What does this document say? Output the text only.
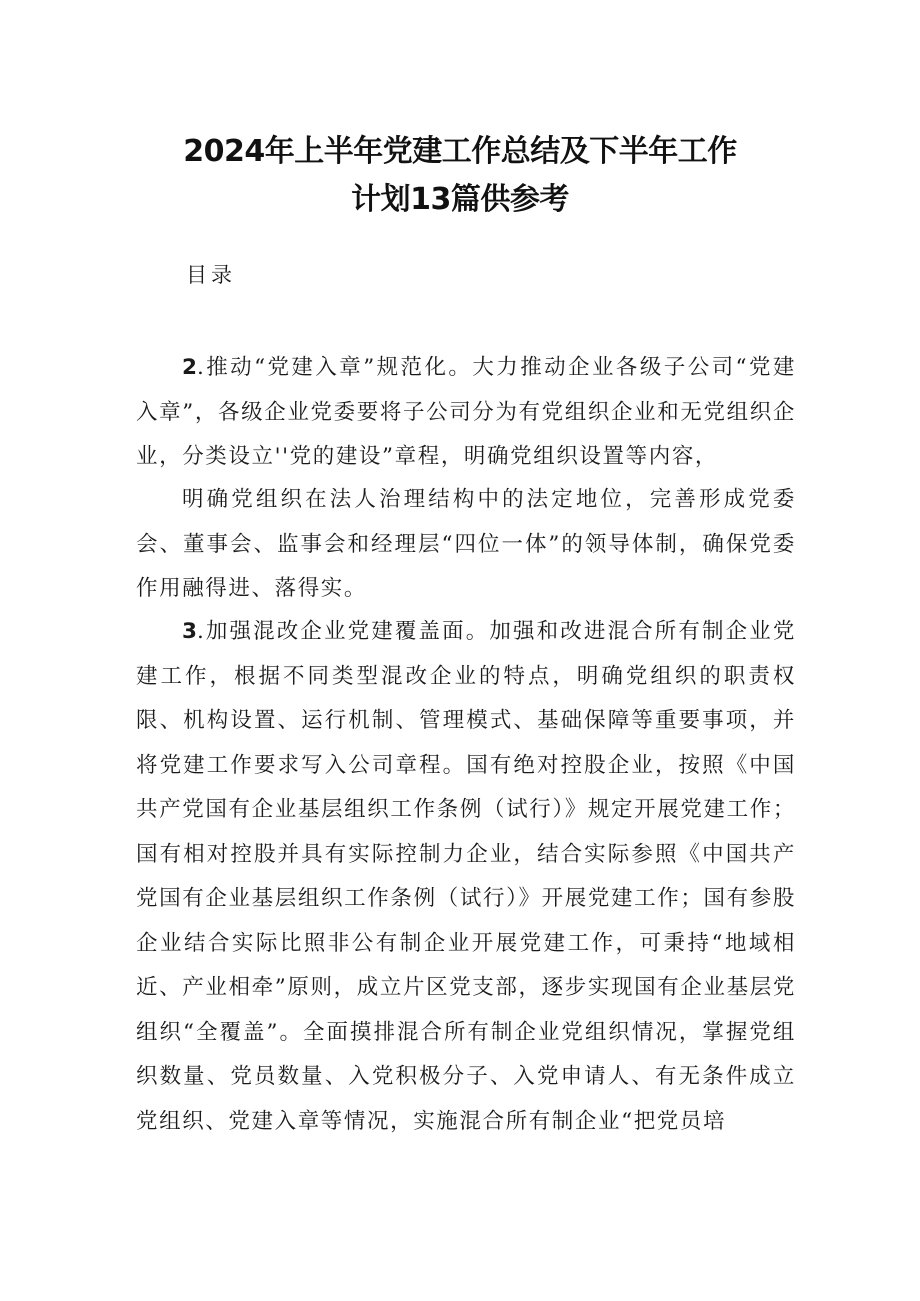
2024年上半年党建工作总结及下半年工作
计划13篇供参考
目录

2.推动“党建入章”规范化。大力推动企业各级子公司“党建入章”，各级企业党委要将子公司分为有党组织企业和无党组织企业，分类设立''党的建设”章程，明确党组织设置等内容，

明确党组织在法人治理结构中的法定地位，完善形成党委会、董事会、监事会和经理层“四位一体”的领导体制，确保党委作用融得进、落得实。

3.加强混改企业党建覆盖面。加强和改进混合所有制企业党建工作，根据不同类型混改企业的特点，明确党组织的职责权限、机构设置、运行机制、管理模式、基础保障等重要事项，并将党建工作要求写入公司章程。国有绝对控股企业，按照《中国共产党国有企业基层组织工作条例（试行）》规定开展党建工作；国有相对控股并具有实际控制力企业，结合实际参照《中国共产党国有企业基层组织工作条例（试行）》开展党建工作；国有参股企业结合实际比照非公有制企业开展党建工作，可秉持“地域相近、产业相牵”原则，成立片区党支部，逐步实现国有企业基层党组织“全覆盖”。全面摸排混合所有制企业党组织情况，掌握党组织数量、党员数量、入党积极分子、入党申请人、有无条件成立党组织、党建入章等情况，实施混合所有制企业“把党员培
